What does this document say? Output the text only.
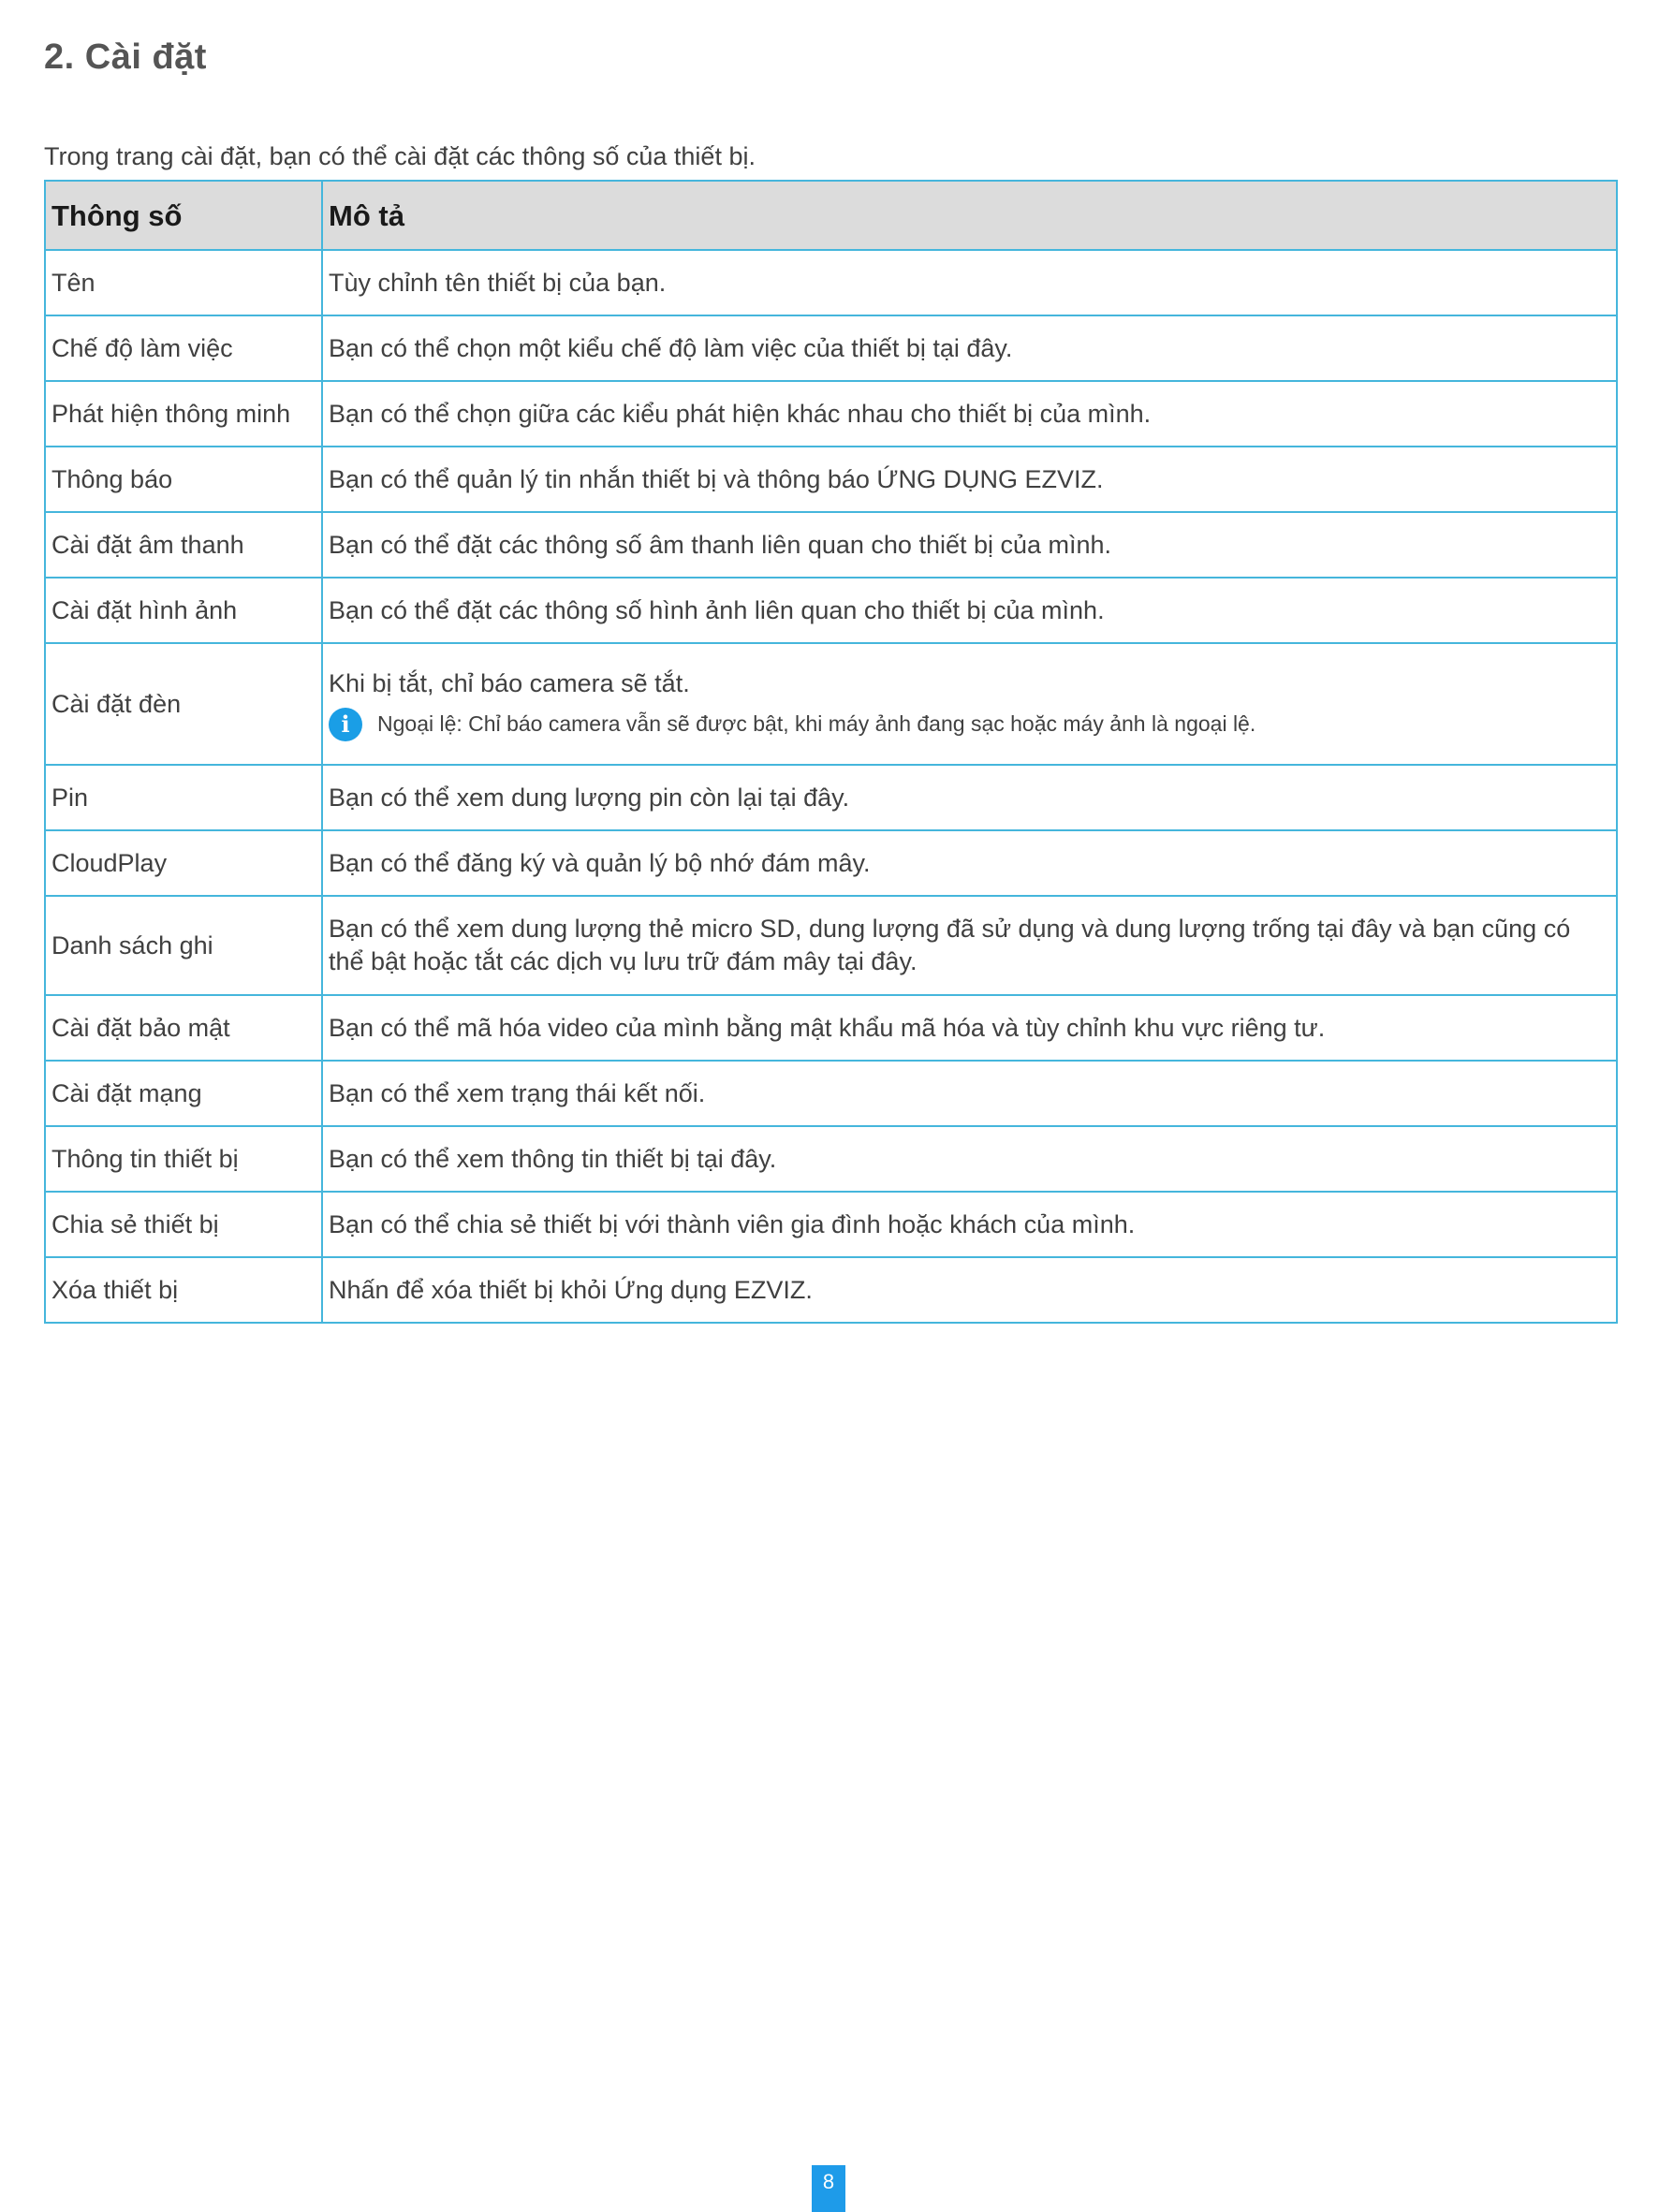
2. Cài đặt

Trong trang cài đặt, bạn có thể cài đặt các thông số của thiết bị.

Thông số	Mô tả
Tên	Tùy chỉnh tên thiết bị của bạn.
Chế độ làm việc	Bạn có thể chọn một kiểu chế độ làm việc của thiết bị tại đây.
Phát hiện thông minh	Bạn có thể chọn giữa các kiểu phát hiện khác nhau cho thiết bị của mình.
Thông báo	Bạn có thể quản lý tin nhắn thiết bị và thông báo ỨNG DỤNG EZVIZ.
Cài đặt âm thanh	Bạn có thể đặt các thông số âm thanh liên quan cho thiết bị của mình.
Cài đặt hình ảnh	Bạn có thể đặt các thông số hình ảnh liên quan cho thiết bị của mình.
Cài đặt đèn	Khi bị tắt, chỉ báo camera sẽ tắt.
i Ngoại lệ: Chỉ báo camera vẫn sẽ được bật, khi máy ảnh đang sạc hoặc máy ảnh là ngoại lệ.

Pin	Bạn có thể xem dung lượng pin còn lại tại đây.
CloudPlay	Bạn có thể đăng ký và quản lý bộ nhớ đám mây.
Danh sách ghi	Bạn có thể xem dung lượng thẻ micro SD, dung lượng đã sử dụng và dung lượng trống tại đây và bạn cũng có thể bật hoặc tắt các dịch vụ lưu trữ đám mây tại đây.
Cài đặt bảo mật	Bạn có thể mã hóa video của mình bằng mật khẩu mã hóa và tùy chỉnh khu vực riêng tư.
Cài đặt mạng	Bạn có thể xem trạng thái kết nối.
Thông tin thiết bị	Bạn có thể xem thông tin thiết bị tại đây.
Chia sẻ thiết bị	Bạn có thể chia sẻ thiết bị với thành viên gia đình hoặc khách của mình.
Xóa thiết bị	Nhấn để xóa thiết bị khỏi Ứng dụng EZVIZ.
8
